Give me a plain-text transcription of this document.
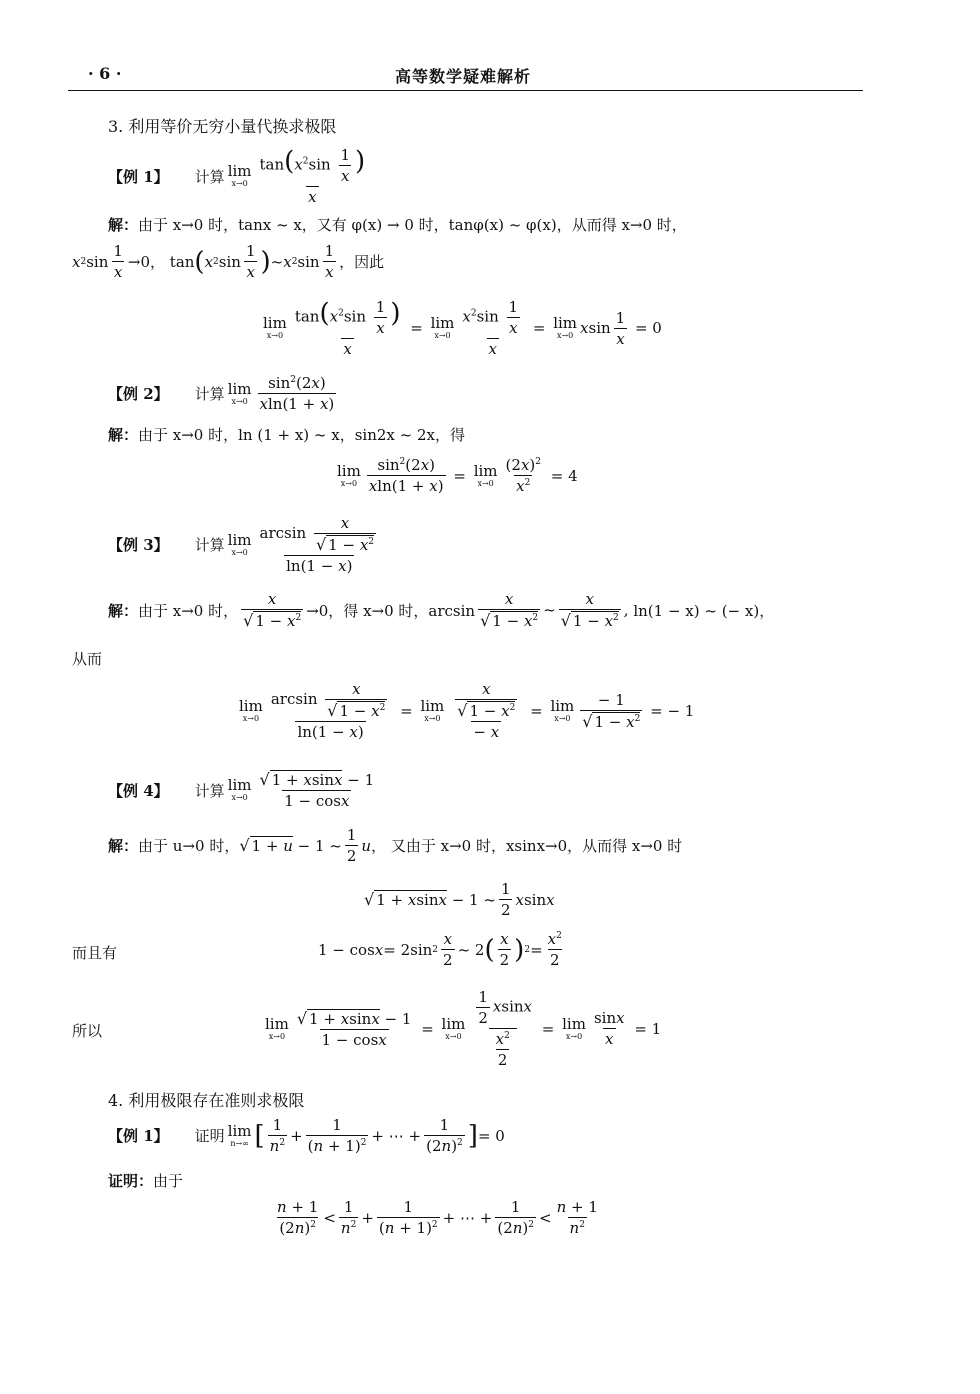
· 6 ·	高等数学疑难解析
3. 利用等价无穷小量代换求极限
【例 1】 计算 lim
$x\to 0 \frac{\tan(x^2\sin \frac{1}{x} )}{x}$
解：由于 x→0 时，tanx ~ x，又有 φ(x) → 0 时，tanφ(x) ~ φ(x)，从而得 x→0 时，
x 2 $\sin \frac{1}{x} \to 0$， tan ( x 2 $\sin \frac{1}{x}$ ) ~ x 2 $\sin \frac{1}{x}$ ， 因此
lim
$x\to 0 \frac{\tan(x^2\sin \frac{1}{x} )}{x} = \lim$
$x\to 0 \frac{x^2\sin \frac{1}{x}}{x} = \lim$
x→0 x $\sin \frac{1}{x} = 0$
【例 2】 计算 lim
$x\to 0 \frac{\sin^2(2x)}{xln(1 + x)}$
解：由于 x→0 时，ln (1 + x) ~ x，sin2x ~ 2x，得
lim
$x\to 0 \frac{\sin^2(2x)}{xln(1 + x)} = \lim$
$x\to 0 \frac{(2x)^2}{x^2} = 4$
【例 3】 计算 lim
$x\to 0 \frac{\arcsin \frac{x}{√ 1 - x^2}}{\ln(1 - x)}$
解： 由于 x→0 时， $\frac{x}{√ 1 - x^2} \to 0$，得 x→0 时，$\arcsin \frac{x}{√ 1 - x^2}$ ~ $\frac{x}{√ 1 - x^2}$ , ln(1 − x) ~ (− x)，
从而
lim
$x\to 0 \frac{\arcsin \frac{x}{√ 1 - x^2}}{\ln(1 - x)} = \lim$
$x\to 0 \frac{\frac{x}{√ 1 - x^2}}{- x} = \lim$
$x\to 0 \frac{- 1}{√ 1 - x^2}$ = − 1
【例 4】 计算 lim
$x\to 0 \frac{√ 1 + xsinx - 1}{1 - \cos x}$
解： 由于 u→0 时， √ 1 + u − 1 ~ $\frac{1}{2}$ u ， 又由于 x→0 时，xsinx→0，从而得 x→0 时
√ 1 + xsinx − 1 ~ $\frac{1}{2}$ x sin x
而且有	1 − cos x = 2sin $2 \frac{x}{2}$ ~ 2 ( $\frac{x}{2}$ ) $2 = \frac{x^2}{2}$
所以	lim
$x\to 0 \frac{√ 1 + xsinx - 1}{1 - \cos x} = \lim$
$x\to 0 \frac{\frac{1}{2} xsinx}{\frac{x^2}{2}} = \lim$
$x\to 0 \frac{\sin x}{x} = 1$
4. 利用极限存在准则求极限
【例 1】 证明 lim
n→∞ [ $\frac{1}{n^2} + \frac{1}{(n + 1)^2}$ + ⋯ + $\frac{1}{(2n)^2}$ ] = 0
证明：由于
$\frac{n + 1}{(2n)^2} < \frac{1}{n^2} + \frac{1}{(n + 1)^2}$ + ⋯ + $\frac{1}{(2n)^2} < \frac{n + 1}{n^2}$
